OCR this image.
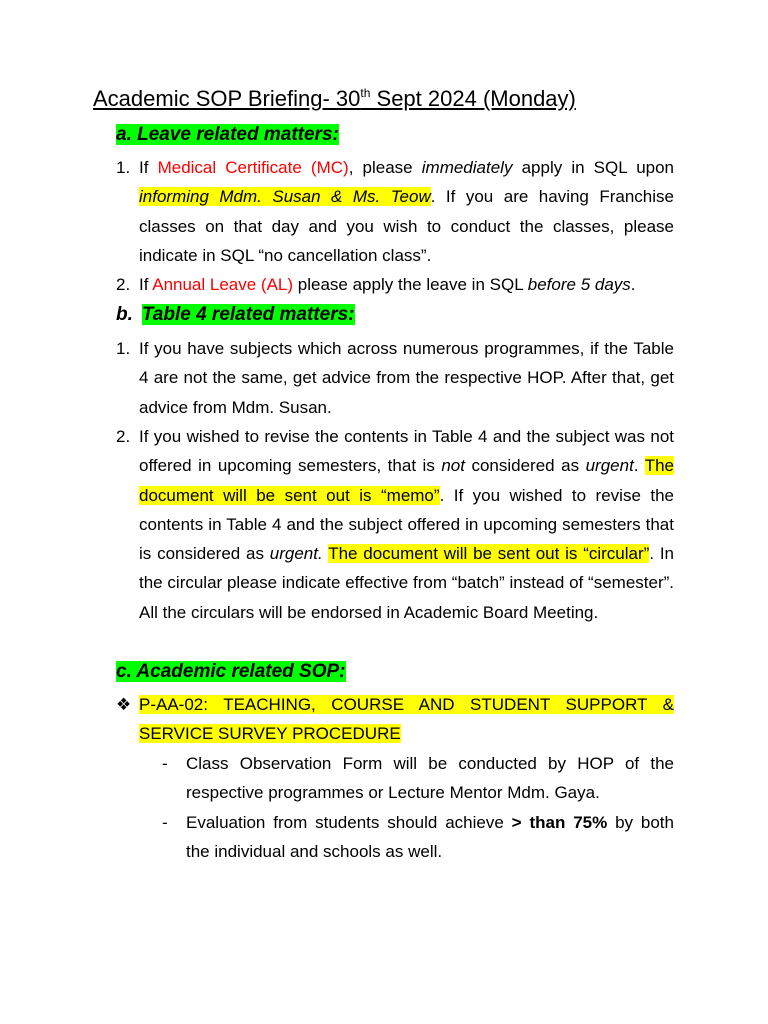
Academic SOP Briefing- 30th Sept 2024 (Monday)
a. Leave related matters:
1. If Medical Certificate (MC), please immediately apply in SQL upon informing Mdm. Susan & Ms. Teow. If you are having Franchise classes on that day and you wish to conduct the classes, please indicate in SQL “no cancellation class”.
2. If Annual Leave (AL) please apply the leave in SQL before 5 days.
b. Table 4 related matters:
1. If you have subjects which across numerous programmes, if the Table 4 are not the same, get advice from the respective HOP. After that, get advice from Mdm. Susan.
2. If you wished to revise the contents in Table 4 and the subject was not offered in upcoming semesters, that is not considered as urgent. The document will be sent out is “memo”. If you wished to revise the contents in Table 4 and the subject offered in upcoming semesters that is considered as urgent. The document will be sent out is “circular”. In the circular please indicate effective from “batch” instead of “semester”. All the circulars will be endorsed in Academic Board Meeting.
c. Academic related SOP:
❖ P-AA-02: TEACHING, COURSE AND STUDENT SUPPORT & SERVICE SURVEY PROCEDURE
- Class Observation Form will be conducted by HOP of the respective programmes or Lecture Mentor Mdm. Gaya.
- Evaluation from students should achieve > than 75% by both the individual and schools as well.
